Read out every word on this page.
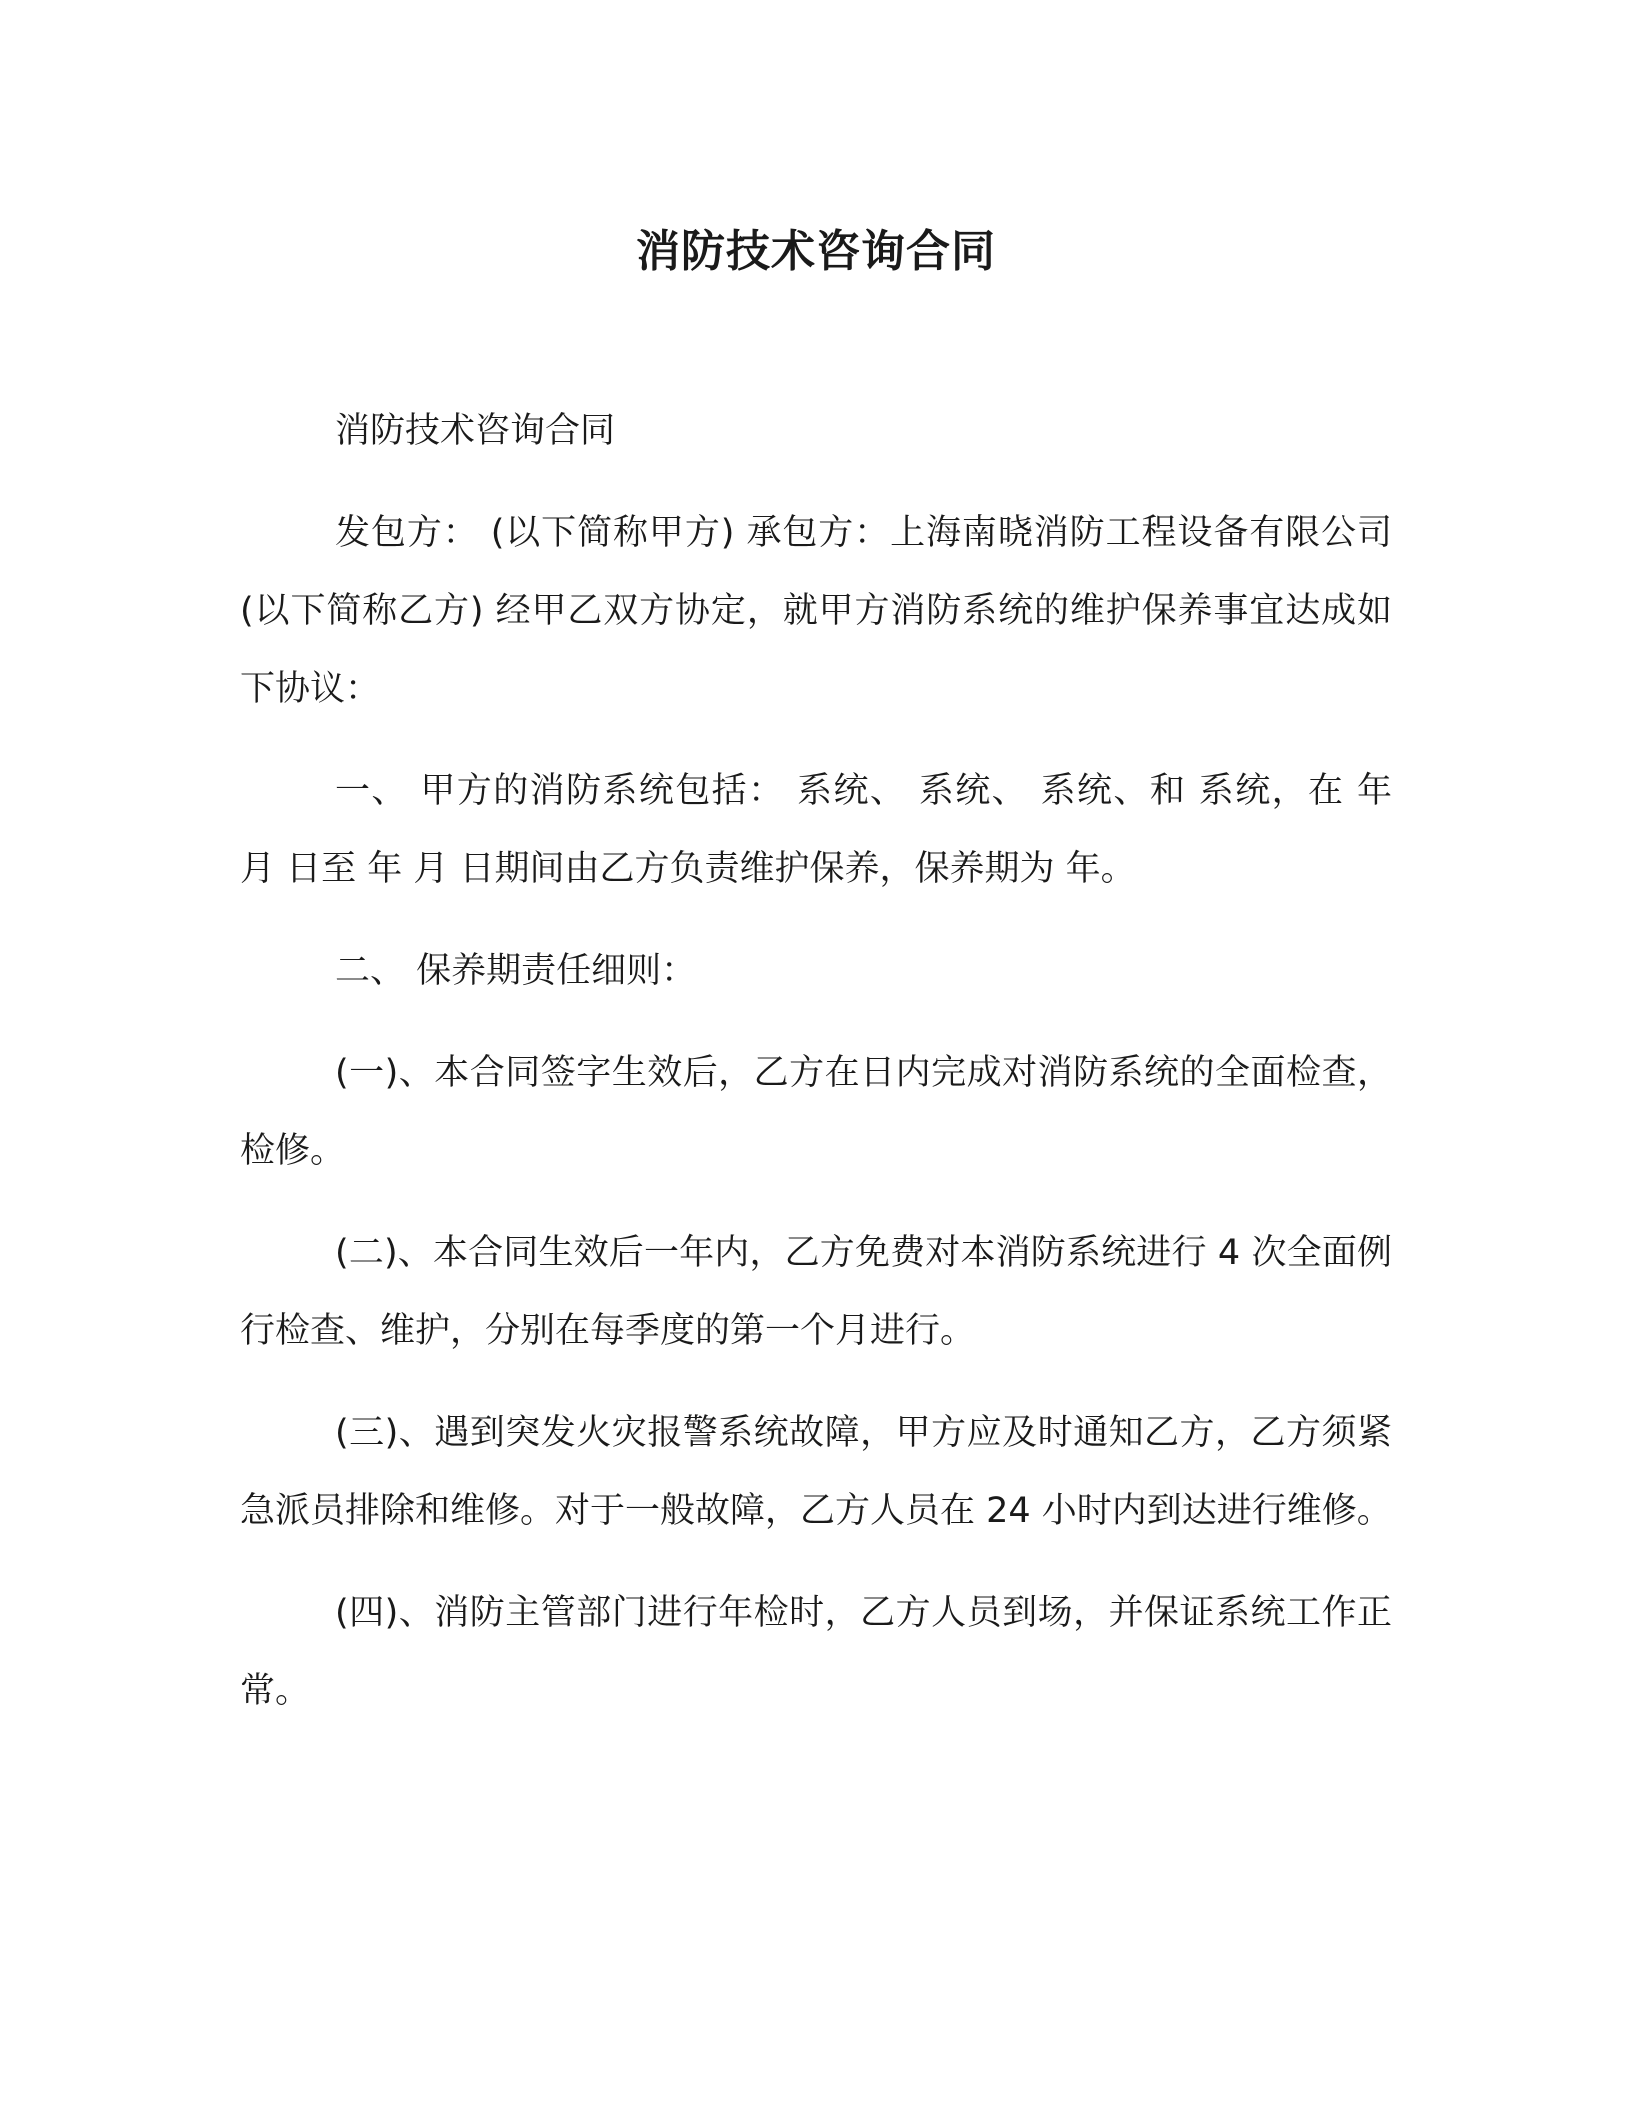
消防技术咨询合同

消防技术咨询合同

发包方： (以下简称甲方) 承包方：上海南晓消防工程设备有限公司 (以下简称乙方) 经甲乙双方协定，就甲方消防系统的维护保养事宜达成如下协议：

一、 甲方的消防系统包括： 系统、 系统、 系统、和 系统，在 年 月 日至 年 月 日期间由乙方负责维护保养，保养期为 年。

二、 保养期责任细则：

(一)、本合同签字生效后，乙方在日内完成对消防系统的全面检查，检修。

(二)、本合同生效后一年内，乙方免费对本消防系统进行 4 次全面例行检查、维护，分别在每季度的第一个月进行。

(三)、遇到突发火灾报警系统故障，甲方应及时通知乙方，乙方须紧急派员排除和维修。对于一般故障，乙方人员在 24 小时内到达进行维修。

(四)、消防主管部门进行年检时，乙方人员到场，并保证系统工作正常。
